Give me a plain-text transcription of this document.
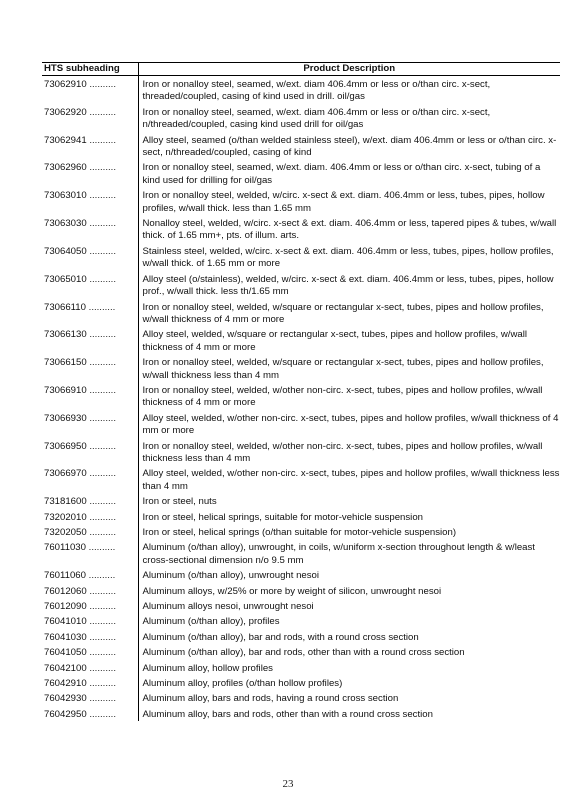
HTS subheading	Product Description
73062910 ..........	Iron or nonalloy steel, seamed, w/ext. diam 406.4mm or less or o/than circ. x-sect, threaded/coupled, casing of kind used in drill. oil/gas
73062920 ..........	Iron or nonalloy steel, seamed, w/ext. diam 406.4mm or less or o/than circ. x-sect, n/threaded/coupled, casing kind used drill for oil/gas
73062941 ..........	Alloy steel, seamed (o/than welded stainless steel), w/ext. diam 406.4mm or less or o/than circ. x-sect, n/threaded/coupled, casing of kind
73062960 ..........	Iron or nonalloy steel, seamed, w/ext. diam. 406.4mm or less or o/than circ. x-sect, tubing of a kind used for drilling for oil/gas
73063010 ..........	Iron or nonalloy steel, welded, w/circ. x-sect & ext. diam. 406.4mm or less, tubes, pipes, hollow profiles, w/wall thick. less than 1.65 mm
73063030 ..........	Nonalloy steel, welded, w/circ. x-sect & ext. diam. 406.4mm or less, tapered pipes & tubes, w/wall thick. of 1.65 mm+, pts. of illum. arts.
73064050 ..........	Stainless steel, welded, w/circ. x-sect & ext. diam. 406.4mm or less, tubes, pipes, hollow profiles, w/wall thick. of 1.65 mm or more
73065010 ..........	Alloy steel (o/stainless), welded, w/circ. x-sect & ext. diam. 406.4mm or less, tubes, pipes, hollow prof., w/wall thick. less th/1.65 mm
73066110 ..........	Iron or nonalloy steel, welded, w/square or rectangular x-sect, tubes, pipes and hollow profiles, w/wall thickness of 4 mm or more
73066130 ..........	Alloy steel, welded, w/square or rectangular x-sect, tubes, pipes and hollow profiles, w/wall thickness of 4 mm or more
73066150 ..........	Iron or nonalloy steel, welded, w/square or rectangular x-sect, tubes, pipes and hollow profiles, w/wall thickness less than 4 mm
73066910 ..........	Iron or nonalloy steel, welded, w/other non-circ. x-sect, tubes, pipes and hollow profiles, w/wall thickness of 4 mm or more
73066930 ..........	Alloy steel, welded, w/other non-circ. x-sect, tubes, pipes and hollow profiles, w/wall thickness of 4 mm or more
73066950 ..........	Iron or nonalloy steel, welded, w/other non-circ. x-sect, tubes, pipes and hollow profiles, w/wall thickness less than 4 mm
73066970 ..........	Alloy steel, welded, w/other non-circ. x-sect, tubes, pipes and hollow profiles, w/wall thickness less than 4 mm
73181600 ..........	Iron or steel, nuts
73202010 ..........	Iron or steel, helical springs, suitable for motor-vehicle suspension
73202050 ..........	Iron or steel, helical springs (o/than suitable for motor-vehicle suspension)
76011030 ..........	Aluminum (o/than alloy), unwrought, in coils, w/uniform x-section throughout length & w/least cross-sectional dimension n/o 9.5 mm
76011060 ..........	Aluminum (o/than alloy), unwrought nesoi
76012060 ..........	Aluminum alloys, w/25% or more by weight of silicon, unwrought nesoi
76012090 ..........	Aluminum alloys nesoi, unwrought nesoi
76041010 ..........	Aluminum (o/than alloy), profiles
76041030 ..........	Aluminum (o/than alloy), bar and rods, with a round cross section
76041050 ..........	Aluminum (o/than alloy), bar and rods, other than with a round cross section
76042100 ..........	Aluminum alloy, hollow profiles
76042910 ..........	Aluminum alloy, profiles (o/than hollow profiles)
76042930 ..........	Aluminum alloy, bars and rods, having a round cross section
76042950 ..........	Aluminum alloy, bars and rods, other than with a round cross section
23
